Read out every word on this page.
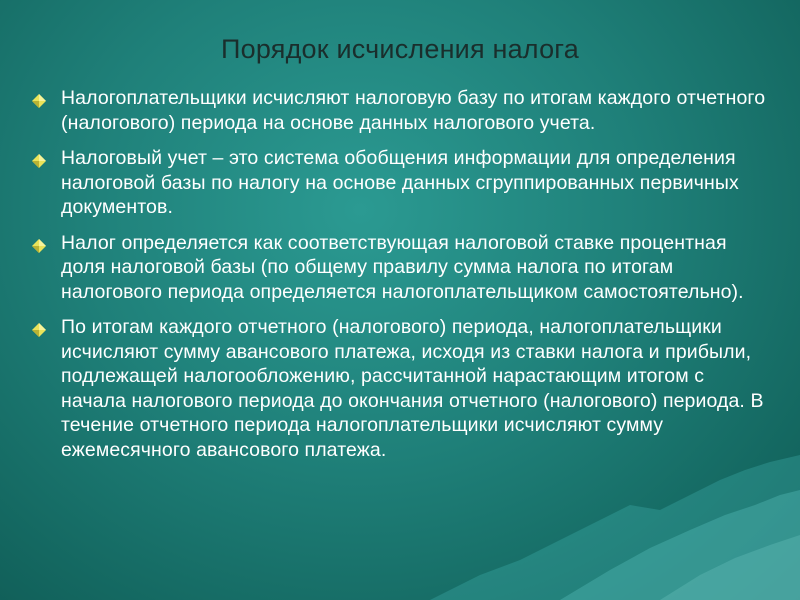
Порядок исчисления налога
Налогоплательщики исчисляют налоговую базу по итогам каждого отчетного (налогового) периода на основе данных налогового учета.
Налоговый учет – это система обобщения информации для определения налоговой базы по налогу на основе данных сгруппированных первичных документов.
Налог определяется как соответствующая налоговой ставке процентная доля налоговой базы (по общему правилу сумма налога по итогам налогового периода определяется налогоплательщиком самостоятельно).
По итогам каждого отчетного (налогового) периода, налогоплательщики исчисляют сумму авансового платежа, исходя из ставки налога и прибыли, подлежащей налогообложению, рассчитанной нарастающим итогом с начала налогового периода до окончания отчетного (налогового) периода. В течение отчетного периода налогоплательщики исчисляют сумму ежемесячного авансового платежа.
